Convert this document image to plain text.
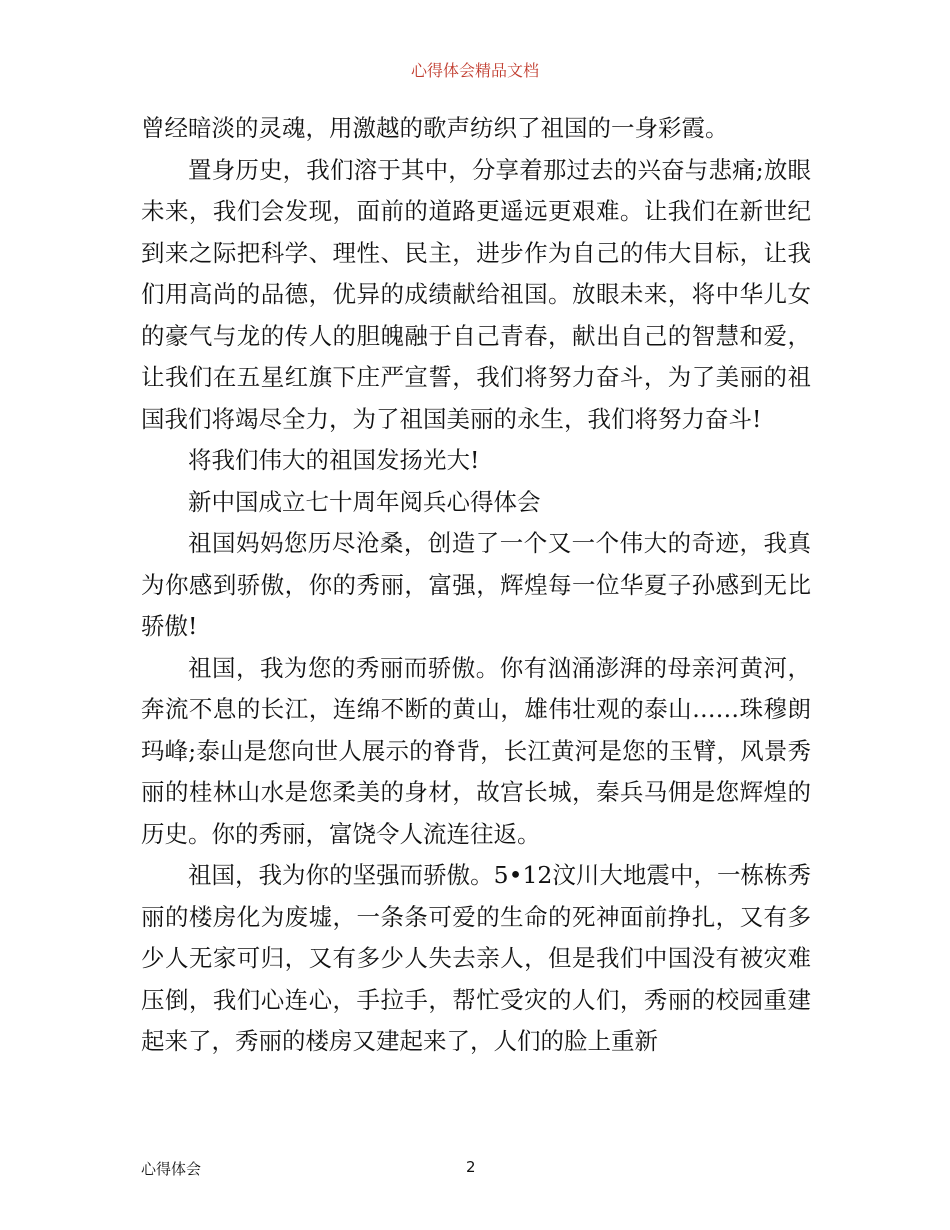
心得体会精品文档

曾经暗淡的灵魂，用激越的歌声纺织了祖国的一身彩霞。

置身历史，我们溶于其中，分享着那过去的兴奋与悲痛;放眼未来，我们会发现，面前的道路更遥远更艰难。让我们在新世纪到来之际把科学、理性、民主，进步作为自己的伟大目标，让我们用高尚的品德，优异的成绩献给祖国。放眼未来，将中华儿女的豪气与龙的传人的胆魄融于自己青春，献出自己的智慧和爱，让我们在五星红旗下庄严宣誓，我们将努力奋斗，为了美丽的祖国我们将竭尽全力，为了祖国美丽的永生，我们将努力奋斗!

将我们伟大的祖国发扬光大!

新中国成立七十周年阅兵心得体会

祖国妈妈您历尽沧桑，创造了一个又一个伟大的奇迹，我真为你感到骄傲，你的秀丽，富强，辉煌每一位华夏子孙感到无比骄傲!

祖国，我为您的秀丽而骄傲。你有汹涌澎湃的母亲河黄河，奔流不息的长江，连绵不断的黄山，雄伟壮观的泰山……珠穆朗玛峰;泰山是您向世人展示的脊背，长江黄河是您的玉臂，风景秀丽的桂林山水是您柔美的身材，故宫长城，秦兵马佣是您辉煌的历史。你的秀丽，富饶令人流连往返。

祖国，我为你的坚强而骄傲。5•12汶川大地震中，一栋栋秀丽的楼房化为废墟，一条条可爱的生命的死神面前挣扎，又有多少人无家可归，又有多少人失去亲人，但是我们中国没有被灾难压倒，我们心连心，手拉手，帮忙受灾的人们，秀丽的校园重建起来了，秀丽的楼房又建起来了，人们的脸上重新

心得体会	2
